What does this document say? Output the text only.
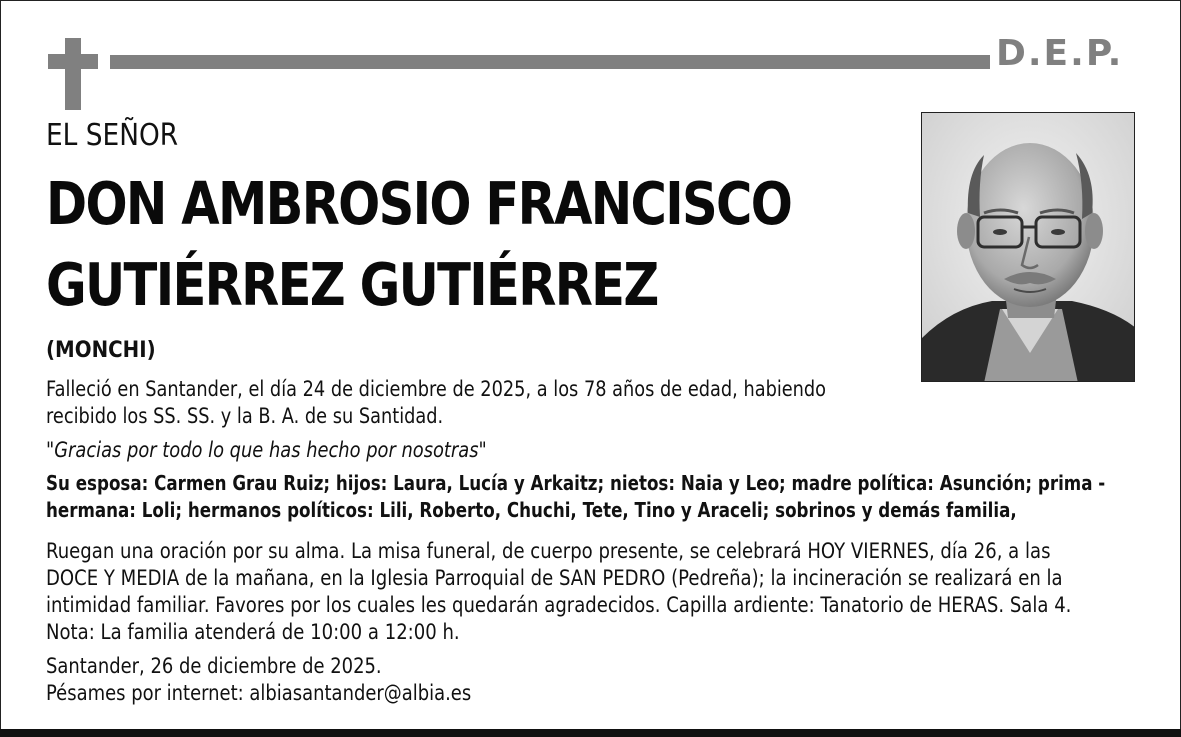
D.E.P.
EL SEÑOR
DON AMBROSIO FRANCISCO
GUTIÉRREZ GUTIÉRREZ
(MONCHI)
Falleció en Santander, el día 24 de diciembre de 2025, a los 78 años de edad, habiendo
recibido los SS. SS. y la B. A. de su Santidad.
"Gracias por todo lo que has hecho por nosotras"
Su esposa: Carmen Grau Ruiz; hijos: Laura, Lucía y Arkaitz; nietos: Naia y Leo; madre política: Asunción; prima -
hermana: Loli; hermanos políticos: Lili, Roberto, Chuchi, Tete, Tino y Araceli; sobrinos y demás familia,
Ruegan una oración por su alma. La misa funeral, de cuerpo presente, se celebrará HOY VIERNES, día 26, a las
DOCE Y MEDIA de la mañana, en la Iglesia Parroquial de SAN PEDRO (Pedreña); la incineración se realizará en la
intimidad familiar. Favores por los cuales les quedarán agradecidos. Capilla ardiente: Tanatorio de HERAS. Sala 4.
Nota: La familia atenderá de 10:00 a 12:00 h.
Santander, 26 de diciembre de 2025.
Pésames por internet: albiasantander@albia.es
